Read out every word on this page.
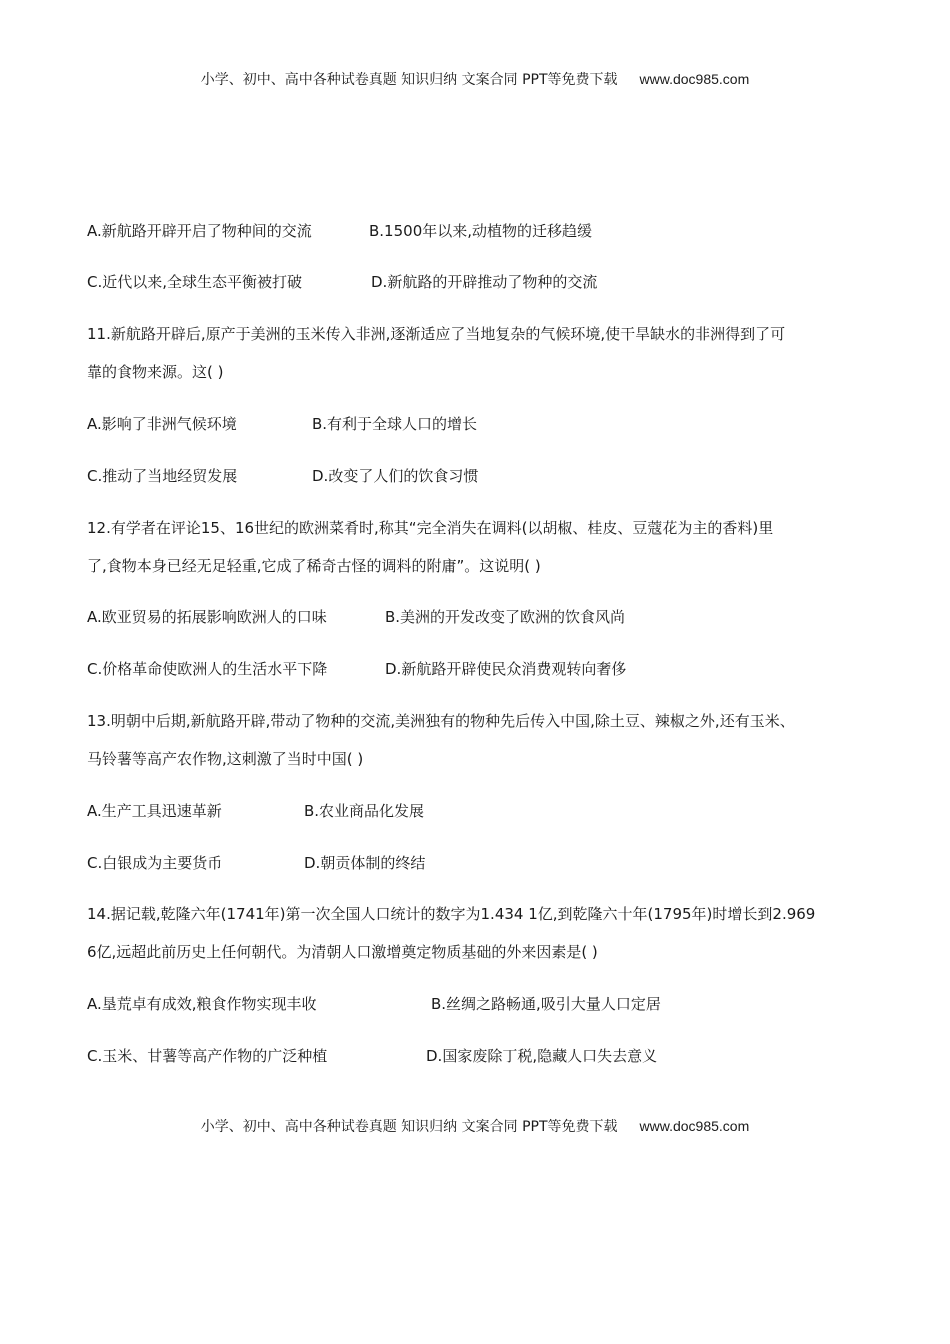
小学、初中、高中各种试卷真题 知识归纳 文案合同 PPT等免费下载 www.doc985.com
A.新航路开辟开启了物种间的交流	B.1500年以来,动植物的迁移趋缓
C.近代以来,全球生态平衡被打破	D.新航路的开辟推动了物种的交流
11.新航路开辟后,原产于美洲的玉米传入非洲,逐渐适应了当地复杂的气候环境,使干旱缺水的非洲得到了可
靠的食物来源。这( )
A.影响了非洲气候环境	B.有利于全球人口的增长
C.推动了当地经贸发展	D.改变了人们的饮食习惯
12.有学者在评论15、16世纪的欧洲菜肴时,称其“完全消失在调料(以胡椒、桂皮、豆蔻花为主的香料)里
了,食物本身已经无足轻重,它成了稀奇古怪的调料的附庸”。这说明( )
A.欧亚贸易的拓展影响欧洲人的口味	B.美洲的开发改变了欧洲的饮食风尚
C.价格革命使欧洲人的生活水平下降	D.新航路开辟使民众消费观转向奢侈
13.明朝中后期,新航路开辟,带动了物种的交流,美洲独有的物种先后传入中国,除土豆、辣椒之外,还有玉米、
马铃薯等高产农作物,这刺激了当时中国( )
A.生产工具迅速革新	B.农业商品化发展
C.白银成为主要货币	D.朝贡体制的终结
14.据记载,乾隆六年(1741年)第一次全国人口统计的数字为1.434 1亿,到乾隆六十年(1795年)时增长到2.969
6亿,远超此前历史上任何朝代。为清朝人口激增奠定物质基础的外来因素是( )
A.垦荒卓有成效,粮食作物实现丰收	B.丝绸之路畅通,吸引大量人口定居
C.玉米、甘薯等高产作物的广泛种植	D.国家废除丁税,隐藏人口失去意义
小学、初中、高中各种试卷真题 知识归纳 文案合同 PPT等免费下载 www.doc985.com
